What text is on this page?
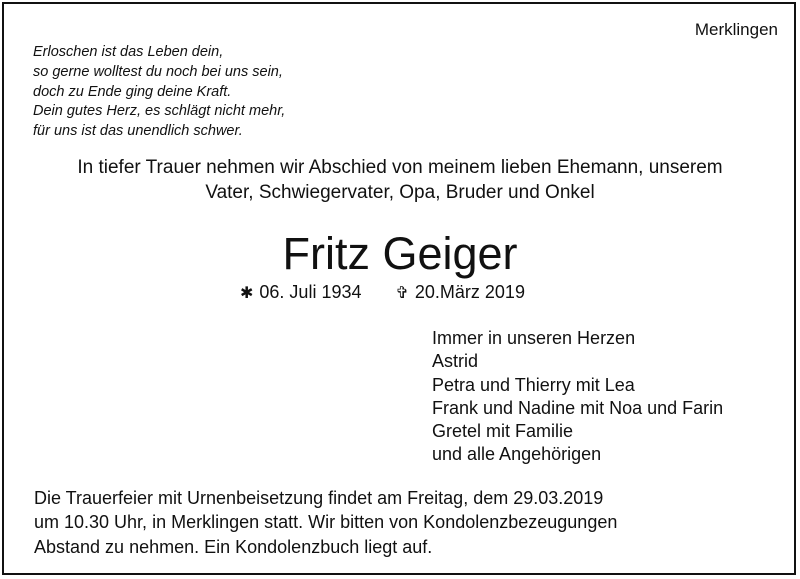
Merklingen
Erloschen ist das Leben dein,
so gerne wolltest du noch bei uns sein,
doch zu Ende ging deine Kraft.
Dein gutes Herz, es schlägt nicht mehr,
für uns ist das unendlich schwer.
In tiefer Trauer nehmen wir Abschied von meinem lieben Ehemann, unserem
Vater, Schwiegervater, Opa, Bruder und Onkel
Fritz Geiger
✱ 06. Juli 1934 ✞ 20.März 2019
Immer in unseren Herzen
Astrid
Petra und Thierry mit Lea
Frank und Nadine mit Noa und Farin
Gretel mit Familie
und alle Angehörigen
Die Trauerfeier mit Urnenbeisetzung findet am Freitag, dem 29.03.2019
um 10.30 Uhr, in Merklingen statt. Wir bitten von Kondolenzbezeugungen
Abstand zu nehmen. Ein Kondolenzbuch liegt auf.
